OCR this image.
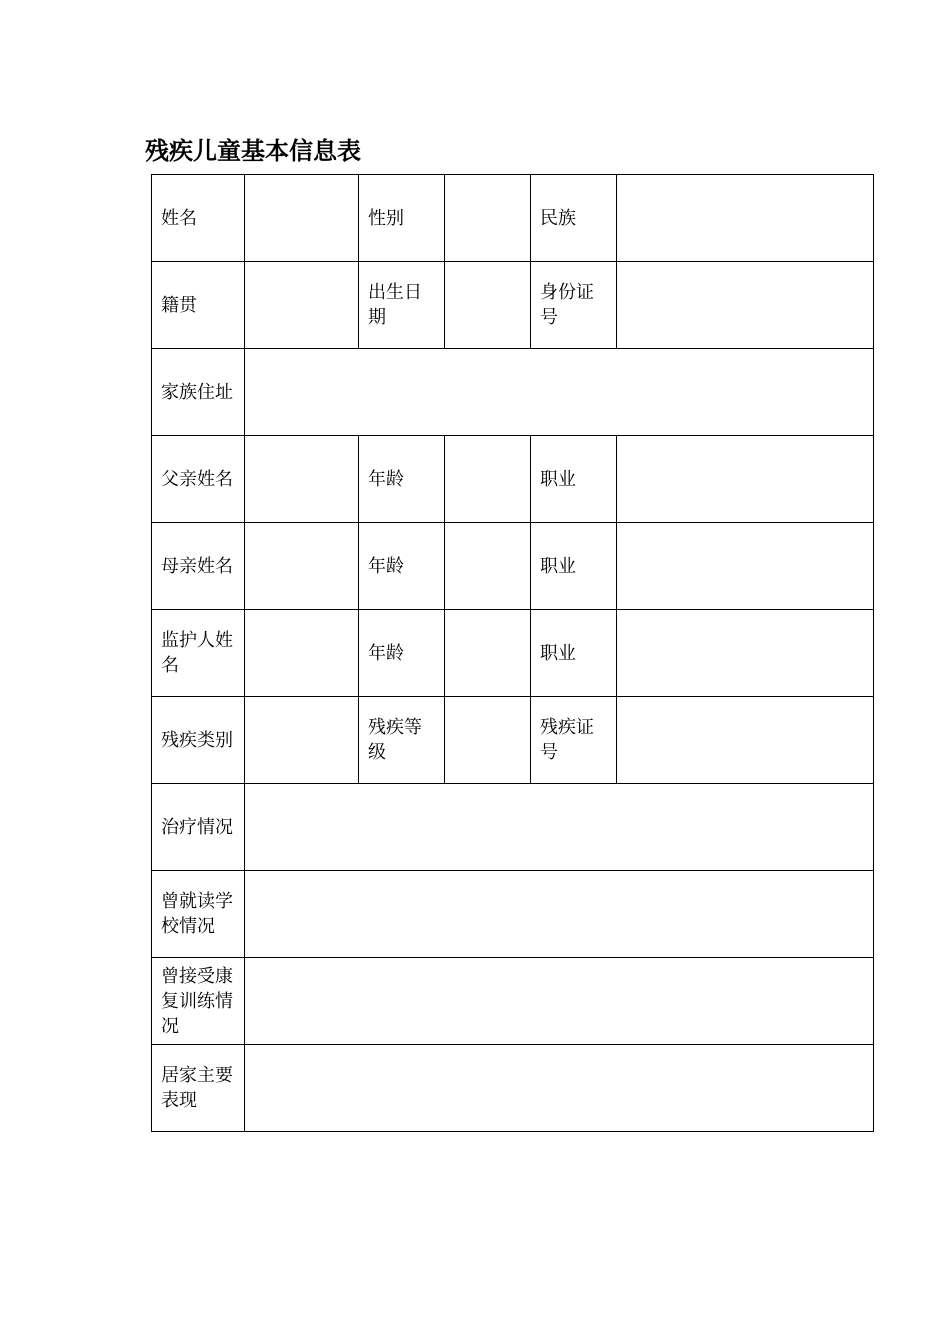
残疾儿童基本信息表
姓名		性别		民族	
籍贯		出生日期		身份证号	
家族住址					
父亲姓名		年龄		职业	
母亲姓名		年龄		职业	
监护人姓名		年龄		职业	
残疾类别		残疾等级		残疾证号	
治疗情况					
曾就读学校情况					
曾接受康复训练情况					
居家主要表现					
